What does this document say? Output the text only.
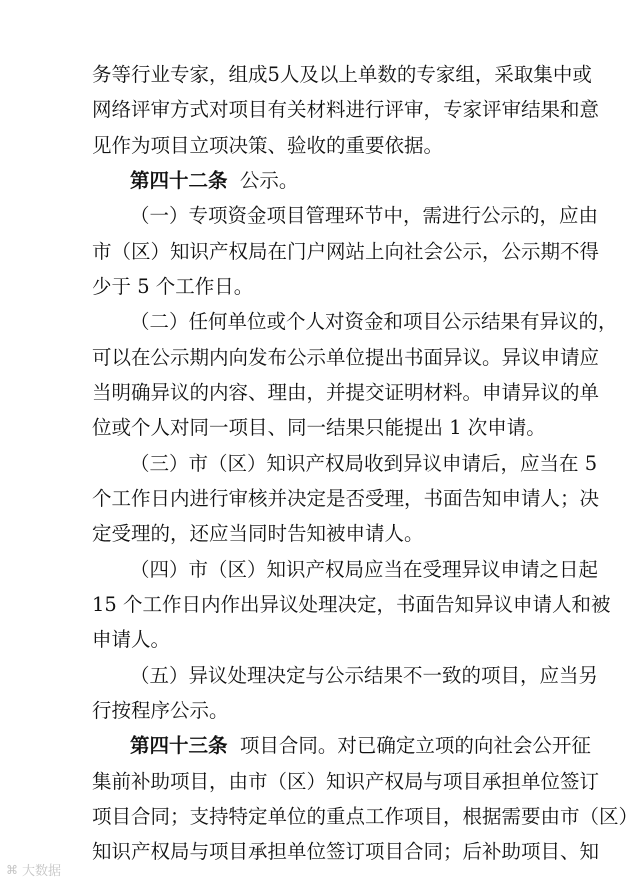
务等行业专家，组成5人及以上单数的专家组，采取集中或
网络评审方式对项目有关材料进行评审，专家评审结果和意
见作为项目立项决策、验收的重要依据。
第四十二条 公示。
（一）专项资金项目管理环节中，需进行公示的，应由
市（区）知识产权局在门户网站上向社会公示，公示期不得
少于 5 个工作日。
（二）任何单位或个人对资金和项目公示结果有异议的，
可以在公示期内向发布公示单位提出书面异议。异议申请应
当明确异议的内容、理由，并提交证明材料。申请异议的单
位或个人对同一项目、同一结果只能提出 1 次申请。
（三）市（区）知识产权局收到异议申请后，应当在 5
个工作日内进行审核并决定是否受理，书面告知申请人；决
定受理的，还应当同时告知被申请人。
（四）市（区）知识产权局应当在受理异议申请之日起
15 个工作日内作出异议处理决定，书面告知异议申请人和被
申请人。
（五）异议处理决定与公示结果不一致的项目，应当另
行按程序公示。
第四十三条 项目合同。对已确定立项的向社会公开征
集前补助项目，由市（区）知识产权局与项目承担单位签订
项目合同；支持特定单位的重点工作项目，根据需要由市（区）
知识产权局与项目承担单位签订项目合同；后补助项目、知
⌘ 大数据
